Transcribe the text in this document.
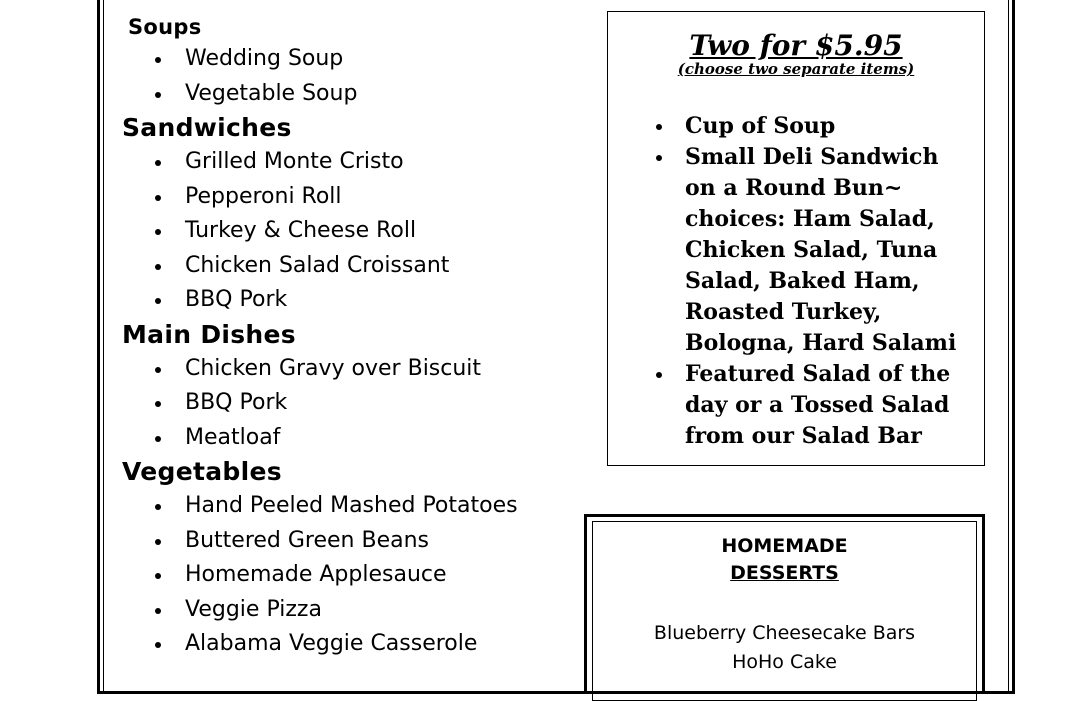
Soups
Wedding Soup
Vegetable Soup
Sandwiches
Grilled Monte Cristo
Pepperoni Roll
Turkey & Cheese Roll
Chicken Salad Croissant
BBQ Pork
Main Dishes
Chicken Gravy over Biscuit
BBQ Pork
Meatloaf
Vegetables
Hand Peeled Mashed Potatoes
Buttered Green Beans
Homemade Applesauce
Veggie Pizza
Alabama Veggie Casserole
Two for $5.95
(choose two separate items)
Cup of Soup
Small Deli Sandwich on a Round Bun~ choices: Ham Salad, Chicken Salad, Tuna Salad, Baked Ham, Roasted Turkey, Bologna, Hard Salami
Featured Salad of the day or a Tossed Salad from our Salad Bar
HOMEMADE
DESSERTS
Blueberry Cheesecake Bars
HoHo Cake
